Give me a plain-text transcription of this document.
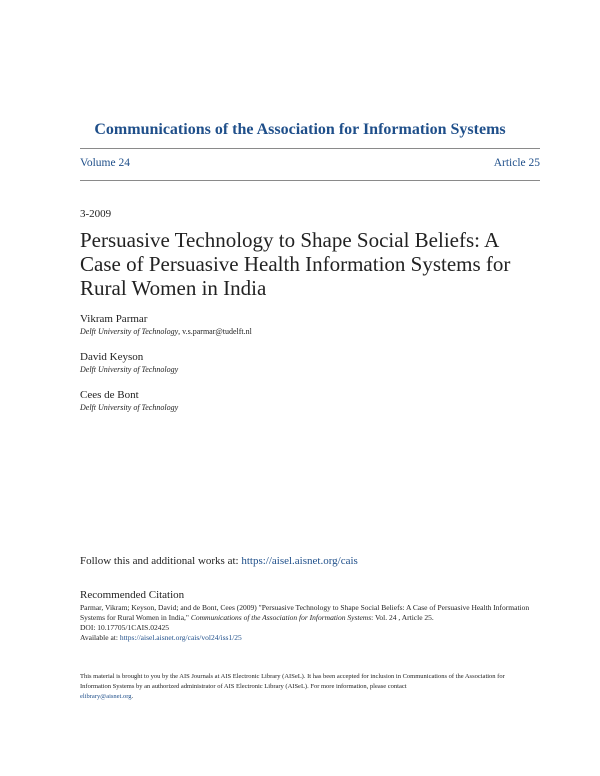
Communications of the Association for Information Systems
Volume 24	Article 25
3-2009
Persuasive Technology to Shape Social Beliefs: A Case of Persuasive Health Information Systems for Rural Women in India
Vikram Parmar
Delft University of Technology, v.s.parmar@tudelft.nl
David Keyson
Delft University of Technology
Cees de Bont
Delft University of Technology
Follow this and additional works at: https://aisel.aisnet.org/cais
Recommended Citation
Parmar, Vikram; Keyson, David; and de Bont, Cees (2009) "Persuasive Technology to Shape Social Beliefs: A Case of Persuasive Health Information Systems for Rural Women in India," Communications of the Association for Information Systems: Vol. 24 , Article 25.
DOI: 10.17705/1CAIS.02425
Available at: https://aisel.aisnet.org/cais/vol24/iss1/25
This material is brought to you by the AIS Journals at AIS Electronic Library (AISeL). It has been accepted for inclusion in Communications of the Association for Information Systems by an authorized administrator of AIS Electronic Library (AISeL). For more information, please contact
elibrary@aisnet.org.
